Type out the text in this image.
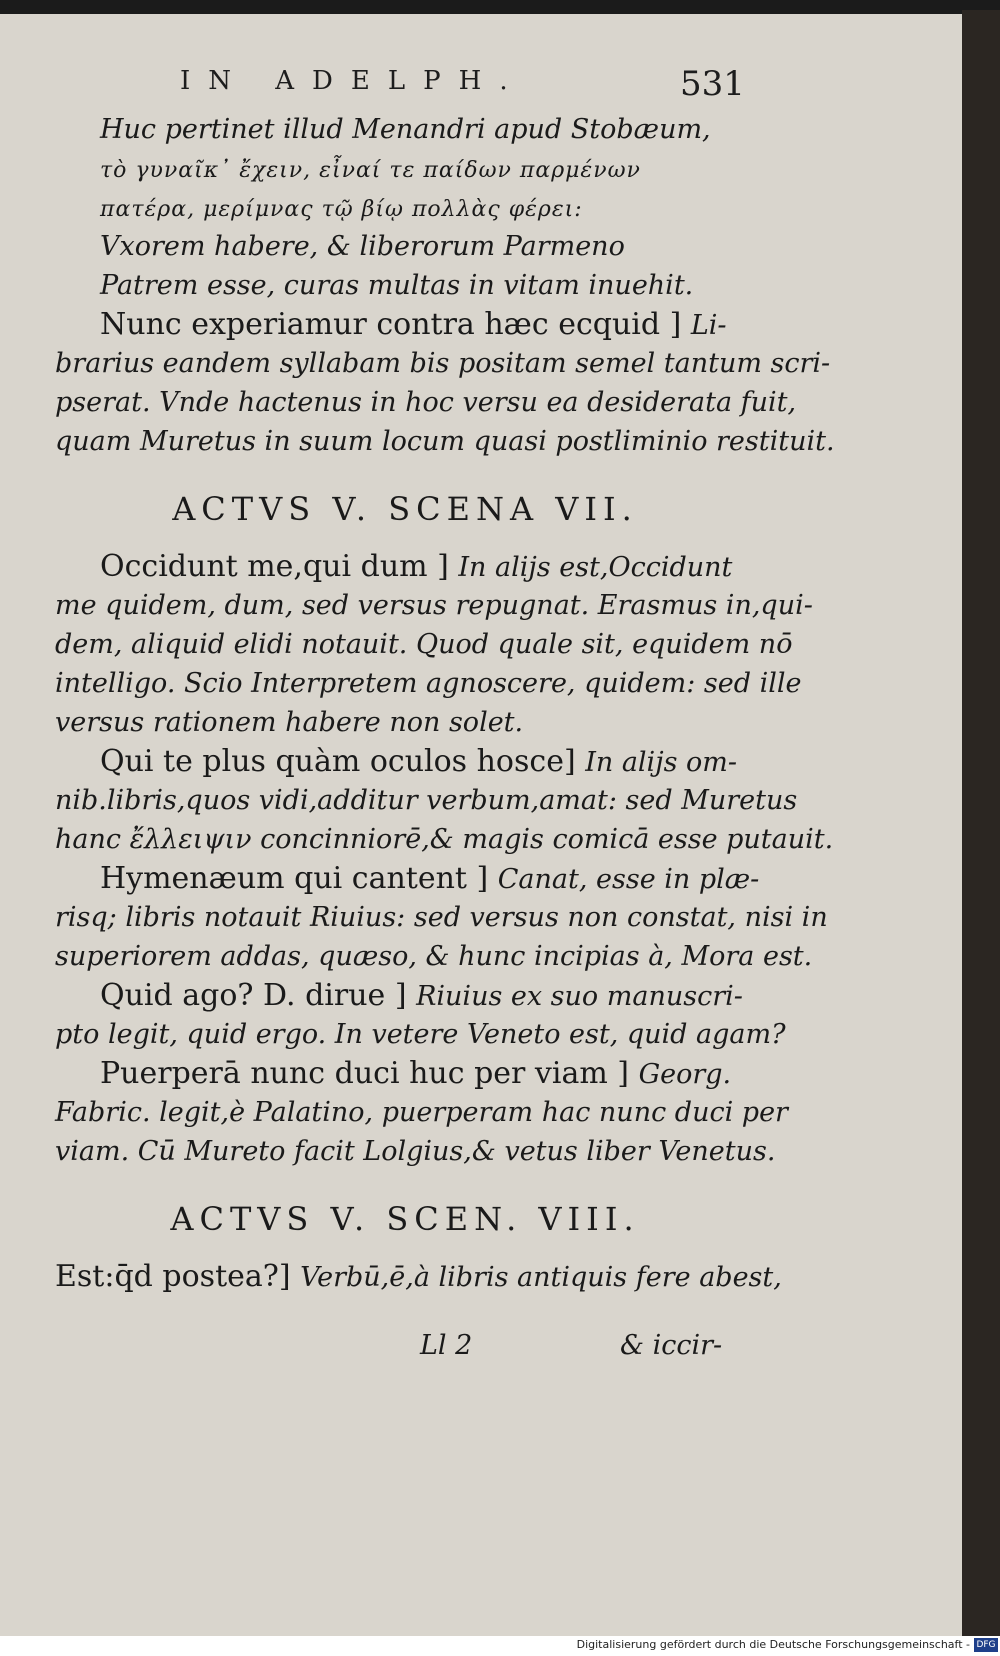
IN ADELPH.	531
Huc pertinet illud Menandri apud Stobæum,
τὸ γυναῖκ᾽ ἔχειν, εἶναί τε παίδων παρμένων
πατέρα, μερίμνας τῷ βίῳ πολλὰς φέρει:
Vxorem habere, & liberorum Parmeno
Patrem esse, curas multas in vitam inuehit.
Nunc experiamur contra hæc ecquid ] Li-
brarius eandem syllabam bis positam semel tantum scri-
pserat. Vnde hactenus in hoc versu ea desiderata fuit,
quam Muretus in suum locum quasi postliminio restituit.
ACTVS V. SCENA VII.
Occidunt me,qui dum ] In alijs est,Occidunt
me quidem, dum, sed versus repugnat. Erasmus in,qui-
dem, aliquid elidi notauit. Quod quale sit, equidem nō
intelligo. Scio Interpretem agnoscere, quidem: sed ille
versus rationem habere non solet.
Qui te plus quàm oculos hosce] In alijs om-
nib.libris,quos vidi,additur verbum,amat: sed Muretus
hanc ἔλλειψιν concinniorē,& magis comicā esse putauit.
Hymenæum qui cantent ] Canat, esse in plæ-
risq; libris notauit Riuius: sed versus non constat, nisi in
superiorem addas, quæso, & hunc incipias à, Mora est.
Quid ago? D. dirue ] Riuius ex suo manuscri-
pto legit, quid ergo. In vetere Veneto est, quid agam?
Puerperā nunc duci huc per viam ] Georg.
Fabric. legit,è Palatino, puerperam hac nunc duci per
viam. Cū Mureto facit Lolgius,& vetus liber Venetus.
ACTVS V. SCEN. VIII.
Est:q̄d postea?] Verbū,ē,à libris antiquis fere abest,
Ll 2	& iccir-
Digitalisierung gefördert durch die Deutsche Forschungsgemeinschaft - DFG
